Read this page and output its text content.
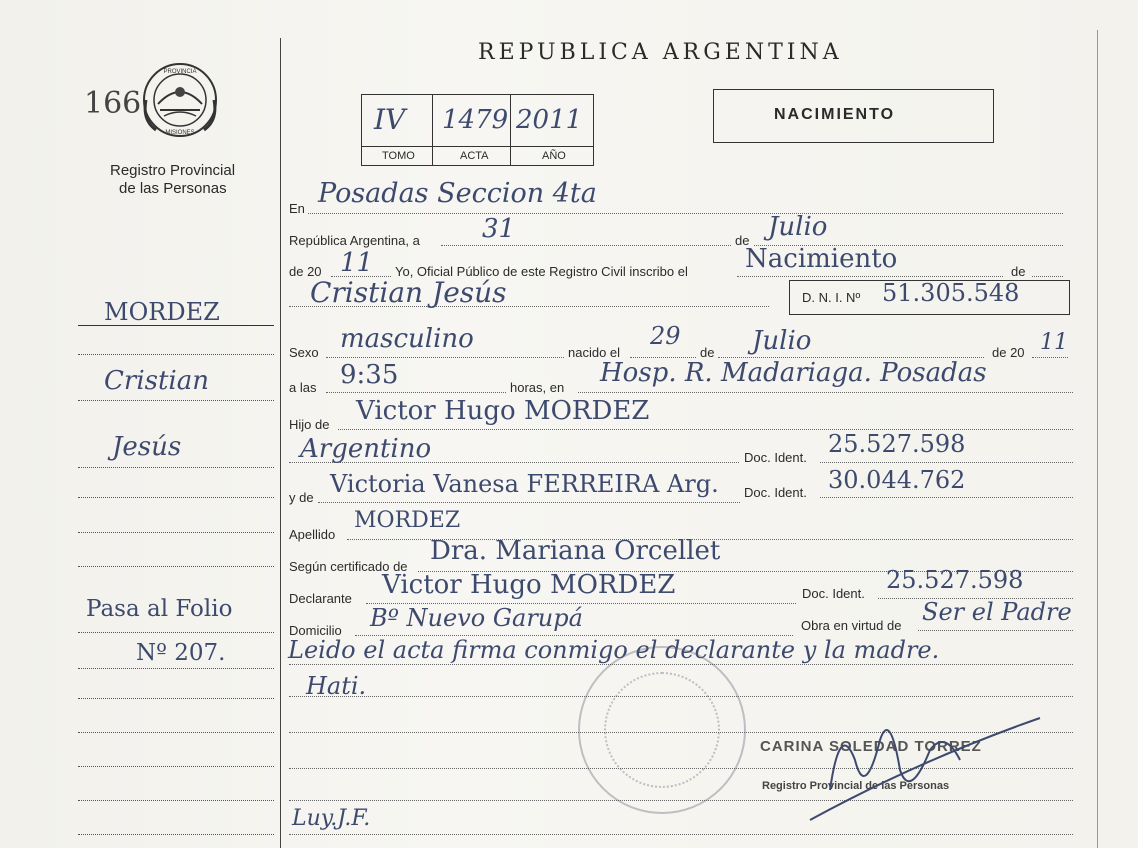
166
PROVINCIA
MISIONES
Registro Provincial
de las Personas
REPUBLICA ARGENTINA
IV 1479 2011
TOMO	ACTA	AÑO
NACIMIENTO
MORDEZ
Cristian
Jesús
Pasa al Folio
Nº 207.
En Posadas Seccion 4ta
República Argentina, a 31	de Julio
de 20 11 Yo, Oficial Público de este Registro Civil inscribo el Nacimiento	de
Cristian Jesús	D. N. I. Nº 51.305.548
Sexo masculino	nacido el
29
de Julio	de 20 11
a las 9:35	horas, en Hosp. R. Madariaga. Posadas
Hijo de Victor Hugo MORDEZ
Argentino	Doc. Ident. 25.527.598
y de Victoria Vanesa FERREIRA Arg. Doc. Ident. 30.044.762
Apellido
MORDEZ
Según certificado de
Dra. Mariana Orcellet
Declarante Victor Hugo MORDEZ	Doc. Ident. 25.527.598
Domicilio Bº Nuevo Garupá	Obra en virtud de Ser el Padre
Leido el acta firma conmigo el declarante y la madre.
Hati.
CARINA SOLEDAD TORREZ
Registro Provincial de las Personas
Luy.J.F.
